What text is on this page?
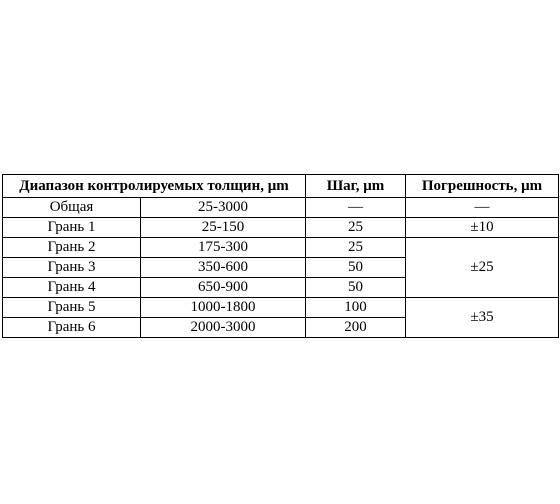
Диапазон контролируемых толщин, μm		Шаг, μm	Погрешность, μm
Общая	25-3000	—	—
Грань 1	25-150	25	±10
Грань 2	175-300	25	±25
Грань 3	350-600	50	
Грань 4	650-900	50	
Грань 5	1000-1800	100	±35
Грань 6	2000-3000	200	
